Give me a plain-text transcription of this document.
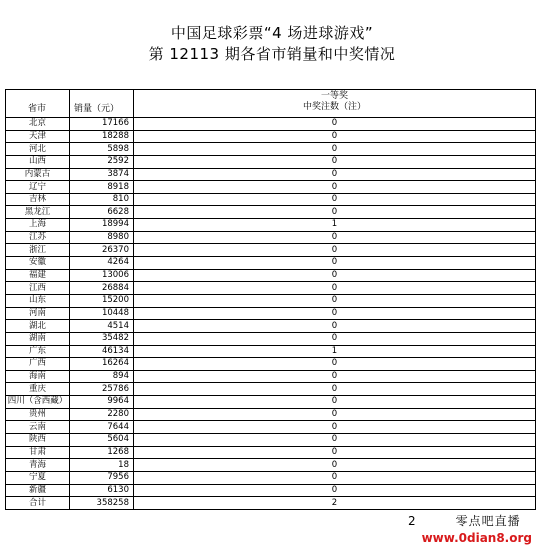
中国足球彩票“4 场进球游戏”
第 12113 期各省市销量和中奖情况
省市	销量（元）	一等奖
中奖注数（注）

北京	17166	0
天津	18288	0
河北	5898	0
山西	2592	0
内蒙古	3874	0
辽宁	8918	0
吉林	810	0
黑龙江	6628	0
上海	18994	1
江苏	8980	0
浙江	26370	0
安徽	4264	0
福建	13006	0
江西	26884	0
山东	15200	0
河南	10448	0
湖北	4514	0
湖南	35482	0
广东	46134	1
广西	16264	0
海南	894	0
重庆	25786	0
四川（含西藏）	9964	0
贵州	2280	0
云南	7644	0
陕西	5604	0
甘肃	1268	0
青海	18	0
宁夏	7956	0
新疆	6130	0
合计	358258	2
2	零点吧直播
www.0dian8.org
